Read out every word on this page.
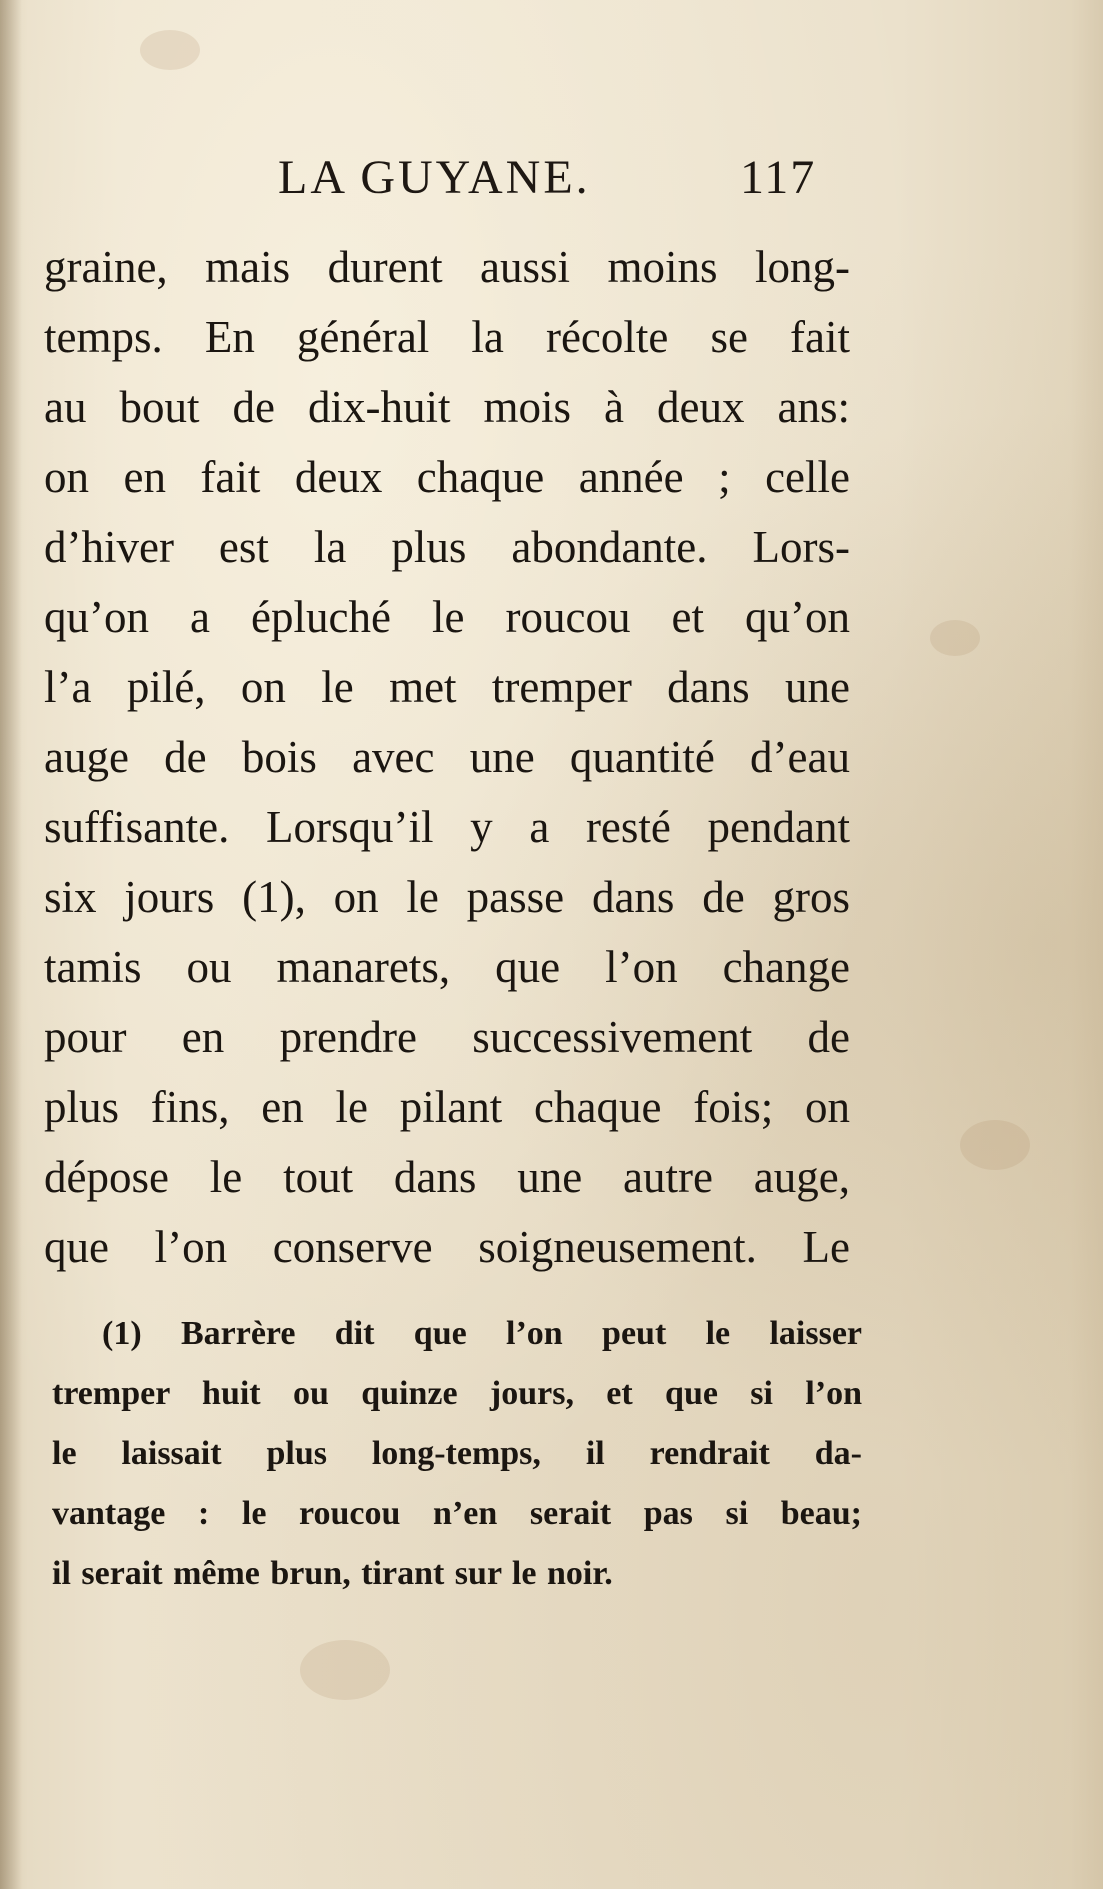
LA GUYANE.	117
graine, mais durent aussi moins long-
temps. En général la récolte se fait
au bout de dix-huit mois à deux ans:
on en fait deux chaque année ; celle
d’hiver est la plus abondante. Lors-
qu’on a épluché le roucou et qu’on
l’a pilé, on le met tremper dans une
auge de bois avec une quantité d’eau
suffisante. Lorsqu’il y a resté pendant
six jours (1), on le passe dans de gros
tamis ou manarets, que l’on change
pour en prendre successivement de
plus fins, en le pilant chaque fois; on
dépose le tout dans une autre auge,
que l’on conserve soigneusement. Le
(1) Barrère dit que l’on peut le laisser
tremper huit ou quinze jours, et que si l’on
le laissait plus long-temps, il rendrait da-
vantage : le roucou n’en serait pas si beau;
il serait même brun, tirant sur le noir.
